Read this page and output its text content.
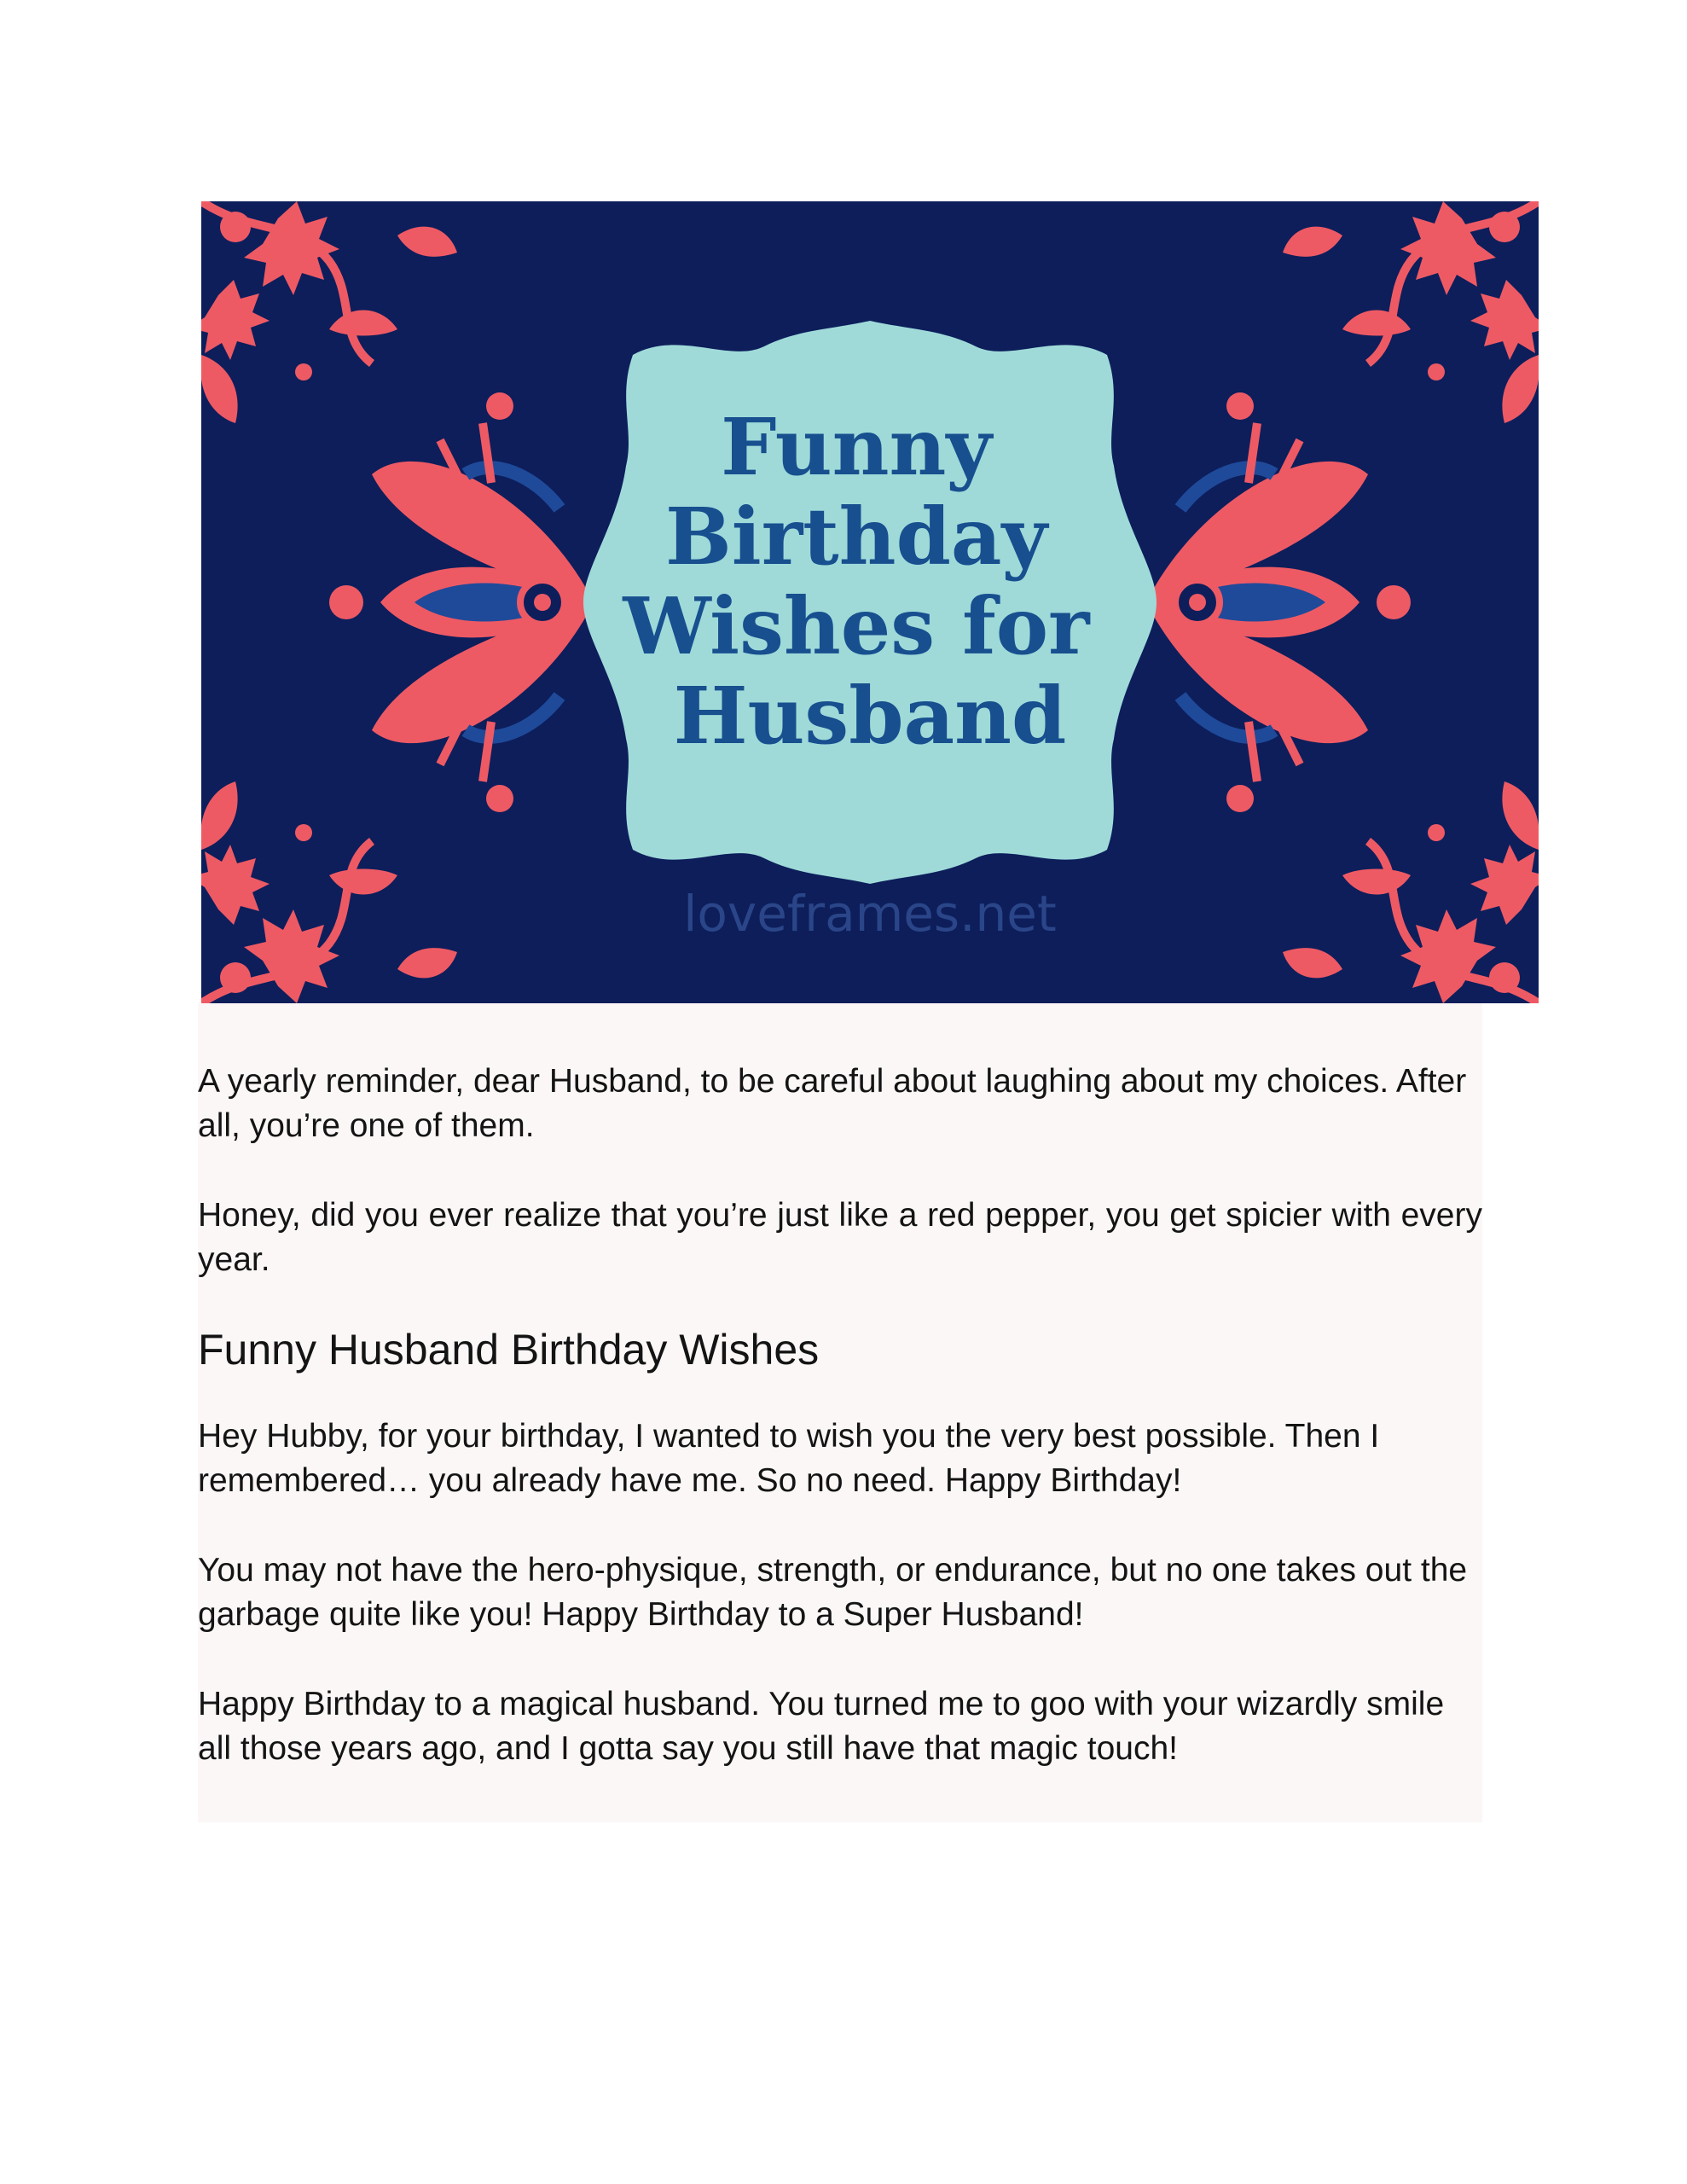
Funny Birthday Wishes for Husband
loveframes.net

A yearly reminder, dear Husband, to be careful about laughing about my choices. After all, you’re one of them.

Honey, did you ever realize that you’re just like a red pepper, you get spicier with every year.

Funny Husband Birthday Wishes

Hey Hubby, for your birthday, I wanted to wish you the very best possible. Then I remembered… you already have me. So no need. Happy Birthday!

You may not have the hero-physique, strength, or endurance, but no one takes out the garbage quite like you! Happy Birthday to a Super Husband!

Happy Birthday to a magical husband. You turned me to goo with your wizardly smile all those years ago, and I gotta say you still have that magic touch!
